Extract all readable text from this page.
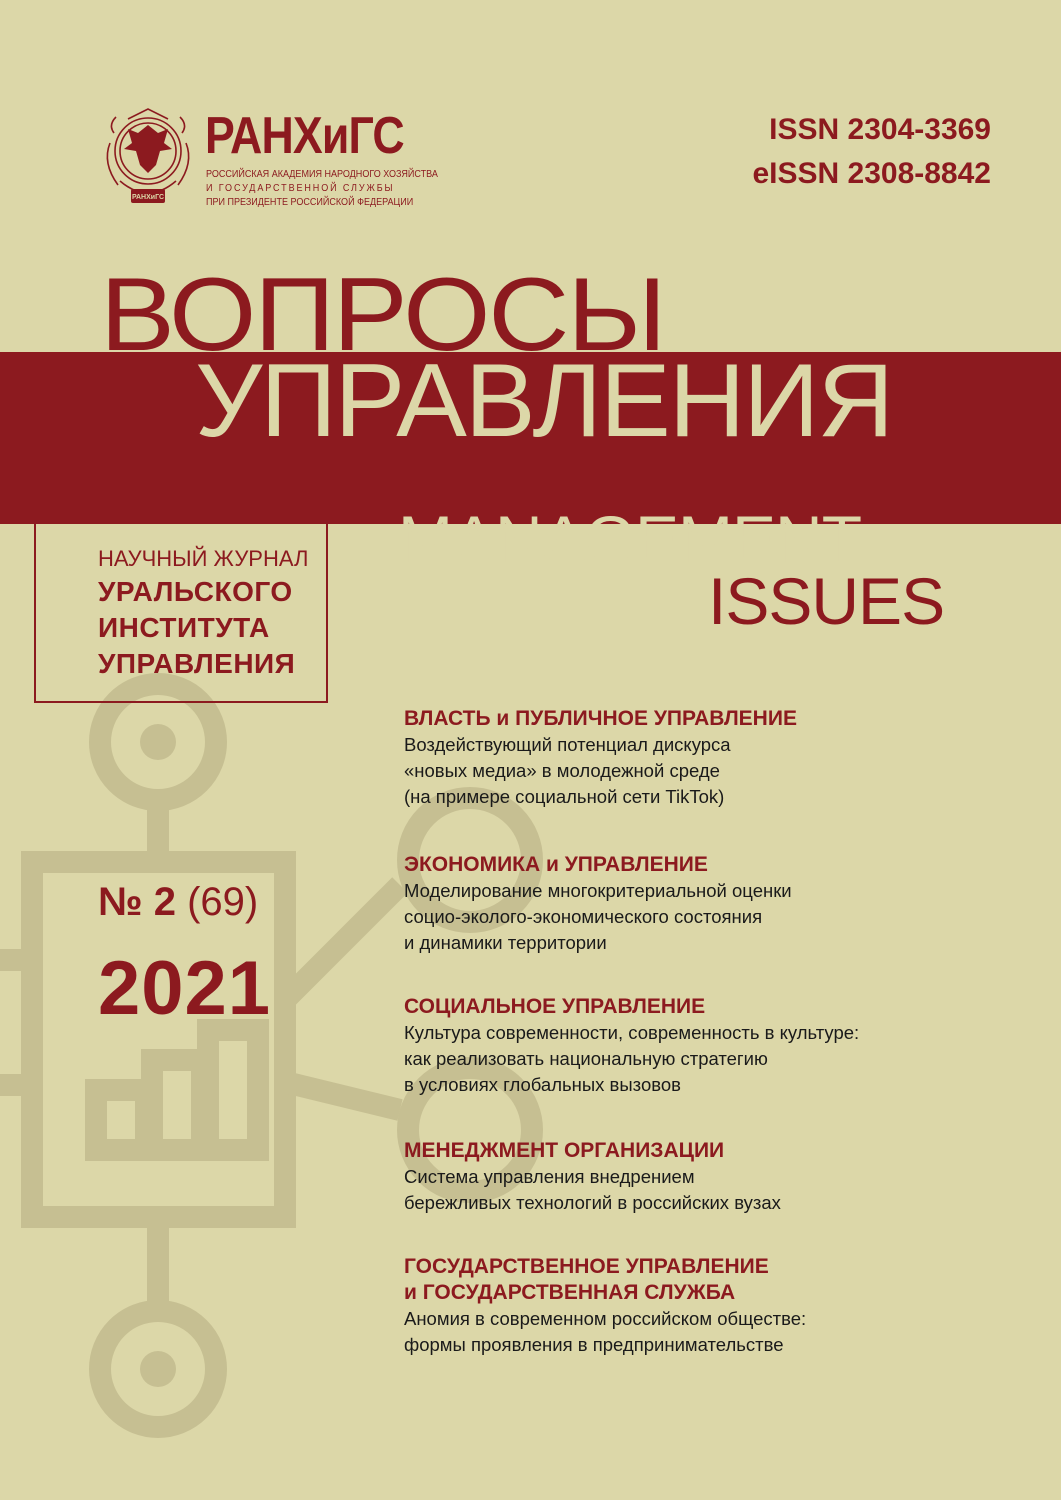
РАНХиГС
РАНХиГС
РОССИЙСКАЯ АКАДЕМИЯ НАРОДНОГО ХОЗЯЙСТВА
И ГОСУДАРСТВЕННОЙ СЛУЖБЫ
ПРИ ПРЕЗИДЕНТЕ РОССИЙСКОЙ ФЕДЕРАЦИИ
ISSN 2304-3369
eISSN 2308-8842
ВОПРОСЫ
УПРАВЛЕНИЯ
MANAGEMENT
ISSUES
НАУЧНЫЙ ЖУРНАЛ
УРАЛЬСКОГО
ИНСТИТУТА
УПРАВЛЕНИЯ
№ 2 (69)
2021
ВЛАСТЬ и ПУБЛИЧНОЕ УПРАВЛЕНИЕ
Воздействующий потенциал дискурса
«новых медиа» в молодежной среде
(на примере социальной сети TikTok)
ЭКОНОМИКА и УПРАВЛЕНИЕ
Моделирование многокритериальной оценки
социо-эколого-экономического состояния
и динамики территории
СОЦИАЛЬНОЕ УПРАВЛЕНИЕ
Культура современности, современность в культуре:
как реализовать национальную стратегию
в условиях глобальных вызовов
МЕНЕДЖМЕНТ ОРГАНИЗАЦИИ
Система управления внедрением
бережливых технологий в российских вузах
ГОСУДАРСТВЕННОЕ УПРАВЛЕНИЕ
и ГОСУДАРСТВЕННАЯ СЛУЖБА
Аномия в современном российском обществе:
формы проявления в предпринимательстве
